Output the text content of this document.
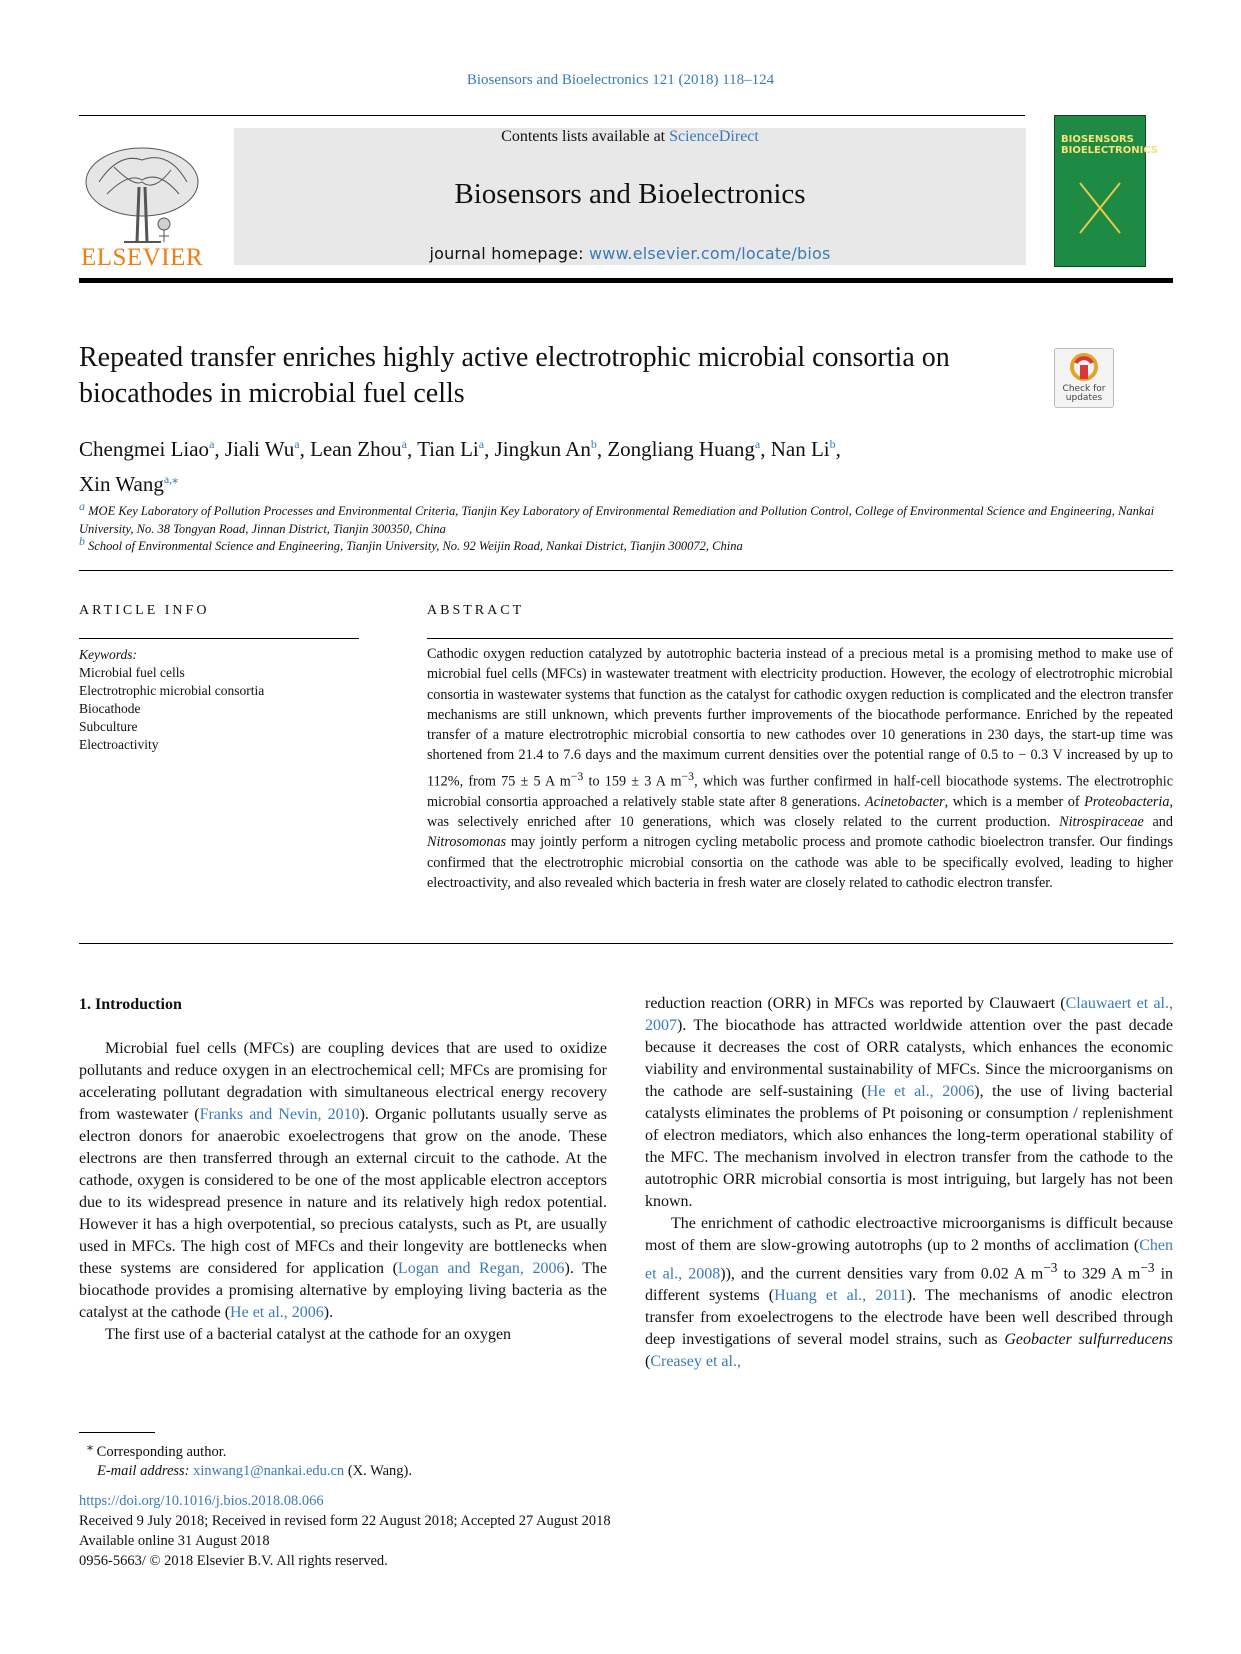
Biosensors and Bioelectronics 121 (2018) 118–124
ELSEVIER
Contents lists available at ScienceDirect
Biosensors and Bioelectronics
journal homepage: www.elsevier.com/locate/bios
BIOSENSORS BIOELECTRONICS
Repeated transfer enriches highly active electrotrophic microbial consortia on biocathodes in microbial fuel cells	Check for updates
Chengmei Liao$^a$, Jiali Wu$^a$, Lean Zhou$^a$, Tian Li$^a$, Jingkun An$^b$, Zongliang Huang$^a$, Nan Li$^b$,
Xin Wang$^{a,⁎}$
$^a$ MOE Key Laboratory of Pollution Processes and Environmental Criteria, Tianjin Key Laboratory of Environmental Remediation and Pollution Control, College of Environmental Science and Engineering, Nankai University, No. 38 Tongyan Road, Jinnan District, Tianjin 300350, China
$^b$ School of Environmental Science and Engineering, Tianjin University, No. 92 Weijin Road, Nankai District, Tianjin 300072, China
ARTICLE INFO
Keywords:
Microbial fuel cells
Electrotrophic microbial consortia
Biocathode
Subculture
Electroactivity
ABSTRACT
Cathodic oxygen reduction catalyzed by autotrophic bacteria instead of a precious metal is a promising method to make use of microbial fuel cells (MFCs) in wastewater treatment with electricity production. However, the ecology of electrotrophic microbial consortia in wastewater systems that function as the catalyst for cathodic oxygen reduction is complicated and the electron transfer mechanisms are still unknown, which prevents further improvements of the biocathode performance. Enriched by the repeated transfer of a mature electrotrophic microbial consortia to new cathodes over 10 generations in 230 days, the start-up time was shortened from 21.4 to 7.6 days and the maximum current densities over the potential range of 0.5 to − 0.3 V increased by up to 112%, from 75 ± 5 A $m^{-3}$ to 159 ± 3 A $m^{-3}$, which was further confirmed in half-cell biocathode systems. The electrotrophic microbial consortia approached a relatively stable state after 8 generations. Acinetobacter, which is a member of Proteobacteria, was selectively enriched after 10 generations, which was closely related to the current production. Nitrospiraceae and Nitrosomonas may jointly perform a nitrogen cycling metabolic process and promote cathodic bioelectron transfer. Our findings confirmed that the electrotrophic microbial consortia on the cathode was able to be specifically evolved, leading to higher electroactivity, and also revealed which bacteria in fresh water are closely related to cathodic electron transfer.
1. Introduction

Microbial fuel cells (MFCs) are coupling devices that are used to oxidize pollutants and reduce oxygen in an electrochemical cell; MFCs are promising for accelerating pollutant degradation with simultaneous electrical energy recovery from wastewater (Franks and Nevin, 2010). Organic pollutants usually serve as electron donors for anaerobic exoelectrogens that grow on the anode. These electrons are then transferred through an external circuit to the cathode. At the cathode, oxygen is considered to be one of the most applicable electron acceptors due to its widespread presence in nature and its relatively high redox potential. However it has a high overpotential, so precious catalysts, such as Pt, are usually used in MFCs. The high cost of MFCs and their longevity are bottlenecks when these systems are considered for application (Logan and Regan, 2006). The biocathode provides a promising alternative by employing living bacteria as the catalyst at the cathode (He et al., 2006).

The first use of a bacterial catalyst at the cathode for an oxygen

reduction reaction (ORR) in MFCs was reported by Clauwaert (Clauwaert et al., 2007). The biocathode has attracted worldwide attention over the past decade because it decreases the cost of ORR catalysts, which enhances the economic viability and environmental sustainability of MFCs. Since the microorganisms on the cathode are self-sustaining (He et al., 2006), the use of living bacterial catalysts eliminates the problems of Pt poisoning or consumption / replenishment of electron mediators, which also enhances the long-term operational stability of the MFC. The mechanism involved in electron transfer from the cathode to the autotrophic ORR microbial consortia is most intriguing, but largely has not been known.

The enrichment of cathodic electroactive microorganisms is difficult because most of them are slow-growing autotrophs (up to 2 months of acclimation (Chen et al., 2008)), and the current densities vary from 0.02 A $m^{-3}$ to 329 A $m^{-3}$ in different systems (Huang et al., 2011). The mechanisms of anodic electron transfer from exoelectrogens to the electrode have been well described through deep investigations of several model strains, such as Geobacter sulfurreducens (Creasey et al.,

⁎ Corresponding author.
E-mail address: xinwang1@nankai.edu.cn (X. Wang).
https://doi.org/10.1016/j.bios.2018.08.066
Received 9 July 2018; Received in revised form 22 August 2018; Accepted 27 August 2018
Available online 31 August 2018
0956-5663/ © 2018 Elsevier B.V. All rights reserved.
